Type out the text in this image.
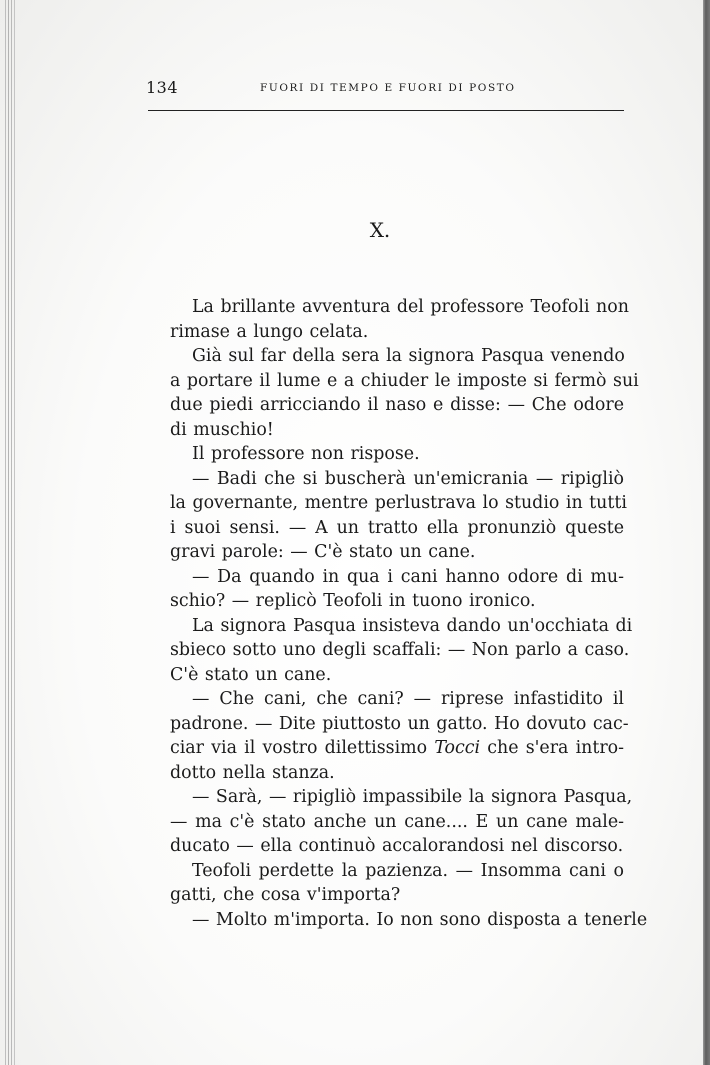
134	FUORI DI TEMPO E FUORI DI POSTO
X.
La brillante avventura del professore Teofoli non
rimase a lungo celata.
Già sul far della sera la signora Pasqua venendo
a portare il lume e a chiuder le imposte si fermò sui
due piedi arricciando il naso e disse: — Che odore
di muschio!
Il professore non rispose.
— Badi che si buscherà un'emicrania — ripigliò
la governante, mentre perlustrava lo studio in tutti
i suoi sensi. — A un tratto ella pronunziò queste
gravi parole: — C'è stato un cane.
— Da quando in qua i cani hanno odore di mu-
schio? — replicò Teofoli in tuono ironico.
La signora Pasqua insisteva dando un'occhiata di
sbieco sotto uno degli scaffali: — Non parlo a caso.
C'è stato un cane.
— Che cani, che cani? — riprese infastidito il
padrone. — Dite piuttosto un gatto. Ho dovuto cac-
ciar via il vostro dilettissimo Tocci che s'era intro-
dotto nella stanza.
— Sarà, — ripigliò impassibile la signora Pasqua,
— ma c'è stato anche un cane.... E un cane male-
ducato — ella continuò accalorandosi nel discorso.
Teofoli perdette la pazienza. — Insomma cani o
gatti, che cosa v'importa?
— Molto m'importa. Io non sono disposta a tenerle
